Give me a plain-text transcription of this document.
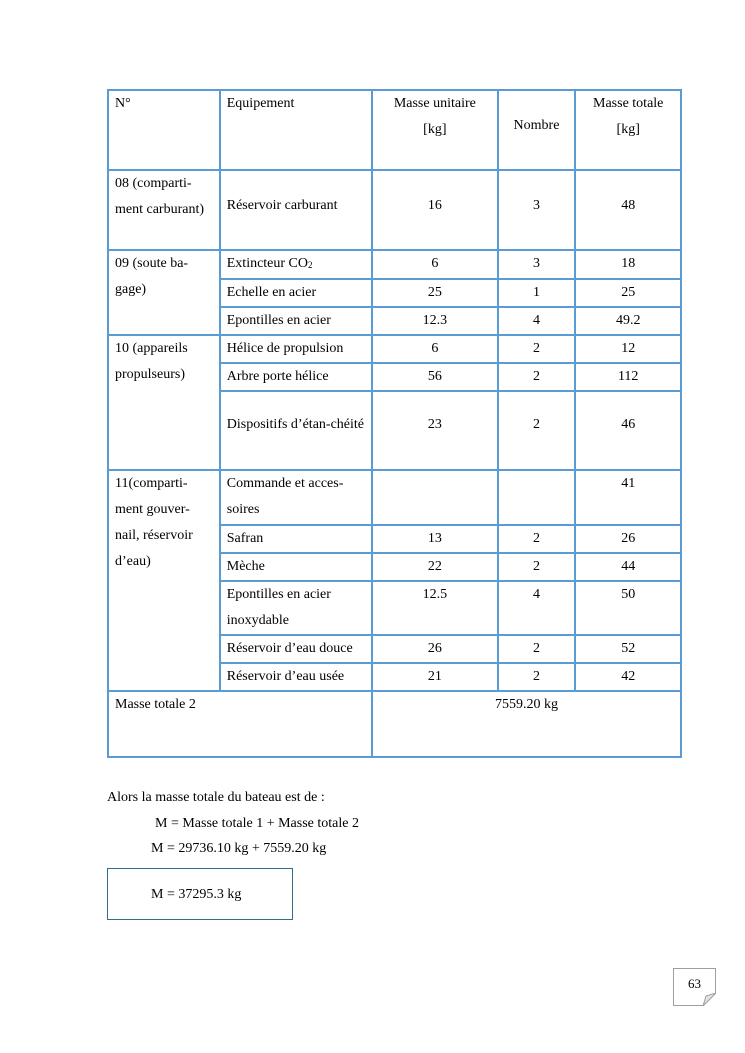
N°	Equipement	Masse unitaire [kg]	Nombre	Masse totale [kg]
08 (comparti-ment carburant)	Réservoir carburant	16	3	48
09 (soute ba-gage)	Extincteur $CO_2$	6	3	18
	Echelle en acier	25	1	25
	Epontilles en acier	12.3	4	49.2
10 (appareils propulseurs)	Hélice de propulsion	6	2	12
	Arbre porte hélice	56	2	112
	Dispositifs d’étan-chéité	23	2	46
11(comparti-ment gouver-nail, réservoir d’eau)	Commande et acces-soires			41
	Safran	13	2	26
	Mèche	22	2	44
	Epontilles en acier inoxydable	12.5	4	50
	Réservoir d’eau douce	26	2	52
	Réservoir d’eau usée	21	2	42
Masse totale 2		7559.20 kg		
Alors la masse totale du bateau est de :
M = Masse totale 1 + Masse totale 2
M = 29736.10 kg + 7559.20 kg
M = 37295.3 kg
63
